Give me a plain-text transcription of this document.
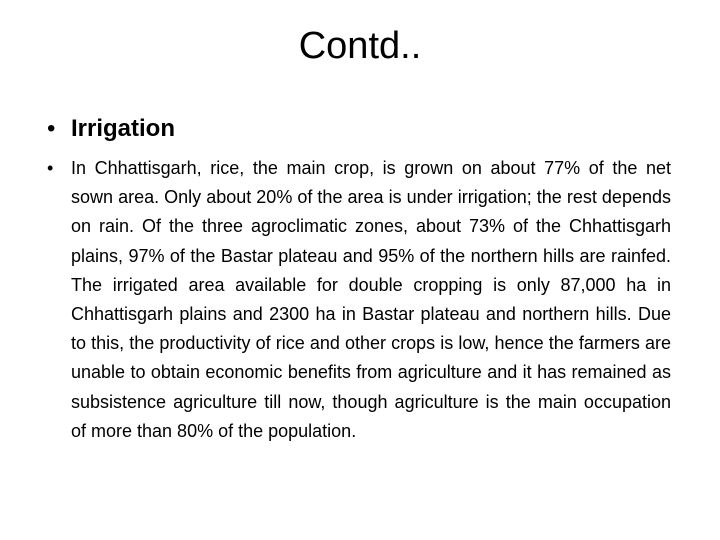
Contd..
• Irrigation
• In Chhattisgarh, rice, the main crop, is grown on about 77% of the net sown area. Only about 20% of the area is under irrigation; the rest depends on rain. Of the three agroclimatic zones, about 73% of the Chhattisgarh plains, 97% of the Bastar plateau and 95% of the northern hills are rainfed. The irrigated area available for double cropping is only 87,000 ha in Chhattisgarh plains and 2300 ha in Bastar plateau and northern hills. Due to this, the productivity of rice and other crops is low, hence the farmers are unable to obtain economic benefits from agriculture and it has remained as subsistence agriculture till now, though agriculture is the main occupation of more than 80% of the population.
